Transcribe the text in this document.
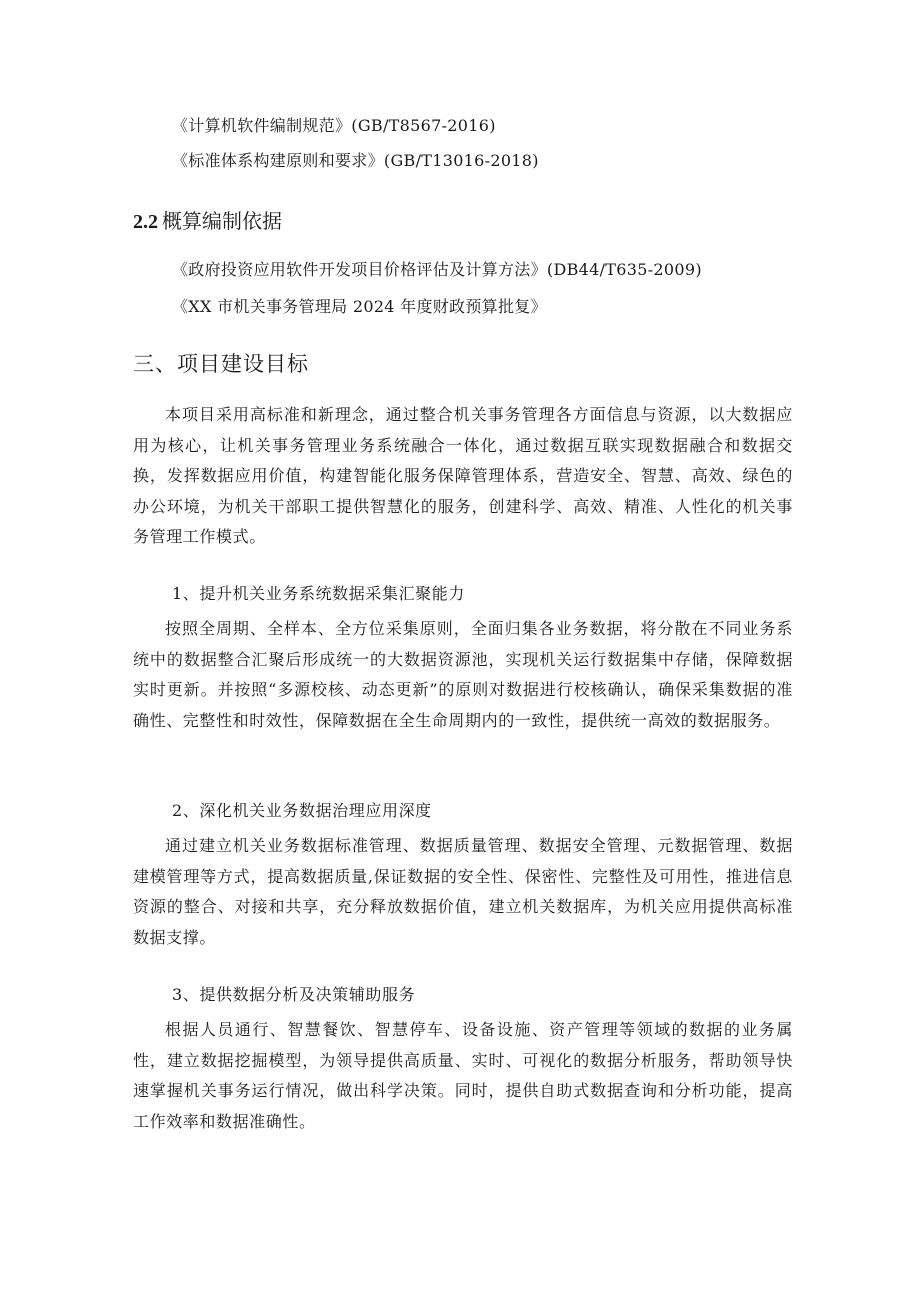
《计算机软件编制规范》(GB/T8567-2016)
《标准体系构建原则和要求》(GB/T13016-2018)
2.2 概算编制依据
《政府投资应用软件开发项目价格评估及计算方法》(DB44/T635-2009)
《XX 市机关事务管理局 2024 年度财政预算批复》
三、项目建设目标

本项目采用高标准和新理念，通过整合机关事务管理各方面信息与资源，以大数据应用为核心，让机关事务管理业务系统融合一体化，通过数据互联实现数据融合和数据交换，发挥数据应用价值，构建智能化服务保障管理体系，营造安全、智慧、高效、绿色的办公环境，为机关干部职工提供智慧化的服务，创建科学、高效、精准、人性化的机关事务管理工作模式。

1、提升机关业务系统数据采集汇聚能力

按照全周期、全样本、全方位采集原则，全面归集各业务数据，将分散在不同业务系统中的数据整合汇聚后形成统一的大数据资源池，实现机关运行数据集中存储，保障数据实时更新。并按照“多源校核、动态更新”的原则对数据进行校核确认，确保采集数据的准确性、完整性和时效性，保障数据在全生命周期内的一致性，提供统一高效的数据服务。

2、深化机关业务数据治理应用深度

通过建立机关业务数据标准管理、数据质量管理、数据安全管理、元数据管理、数据建模管理等方式，提高数据质量,保证数据的安全性、保密性、完整性及可用性，推进信息资源的整合、对接和共享，充分释放数据价值，建立机关数据库，为机关应用提供高标准数据支撑。

3、提供数据分析及决策辅助服务

根据人员通行、智慧餐饮、智慧停车、设备设施、资产管理等领域的数据的业务属性，建立数据挖掘模型，为领导提供高质量、实时、可视化的数据分析服务，帮助领导快速掌握机关事务运行情况，做出科学决策。同时，提供自助式数据查询和分析功能，提高工作效率和数据准确性。
